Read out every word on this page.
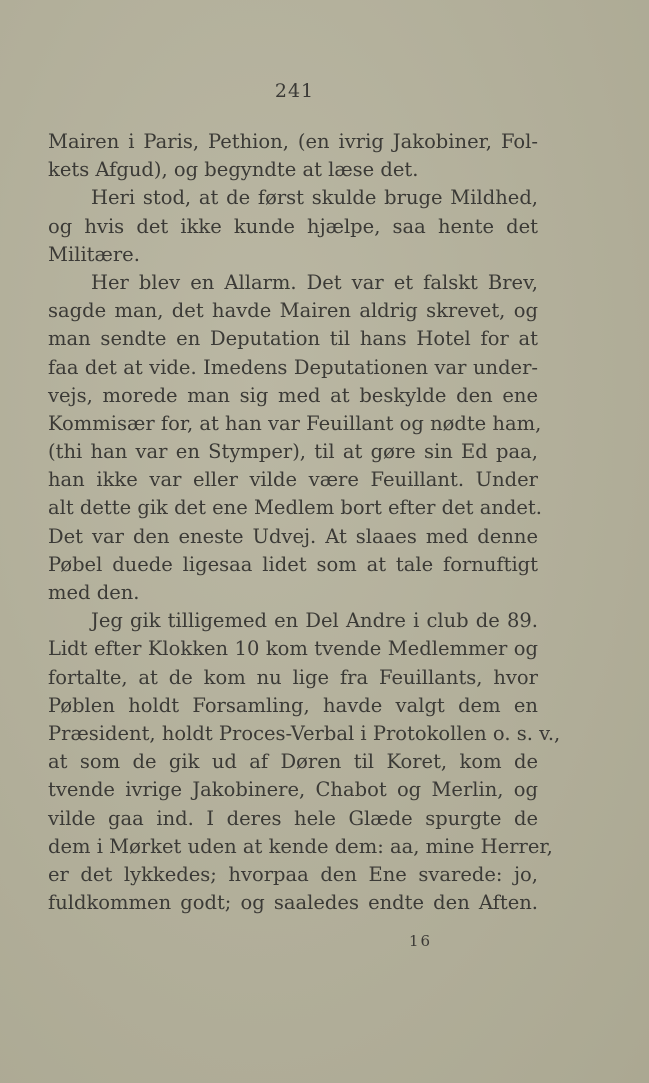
241
Mairen i Paris, Pethion, (en ivrig Jakobiner, Fol-
kets Afgud), og begyndte at læse det.
Heri stod, at de først skulde bruge Mildhed,
og hvis det ikke kunde hjælpe, saa hente det
Militære.
Her blev en Allarm. Det var et falskt Brev,
sagde man, det havde Mairen aldrig skrevet, og
man sendte en Deputation til hans Hotel for at
faa det at vide. Imedens Deputationen var under-
vejs, morede man sig med at beskylde den ene
Kommisær for, at han var Feuillant og nødte ham,
(thi han var en Stymper), til at gøre sin Ed paa,
han ikke var eller vilde være Feuillant. Under
alt dette gik det ene Medlem bort efter det andet.
Det var den eneste Udvej. At slaaes med denne
Pøbel duede ligesaa lidet som at tale fornuftigt
med den.
Jeg gik tilligemed en Del Andre i club de 89.
Lidt efter Klokken 10 kom tvende Medlemmer og
fortalte, at de kom nu lige fra Feuillants, hvor
Pøblen holdt Forsamling, havde valgt dem en
Præsident, holdt Proces-Verbal i Protokollen o. s. v.,
at som de gik ud af Døren til Koret, kom de
tvende ivrige Jakobinere, Chabot og Merlin, og
vilde gaa ind. I deres hele Glæde spurgte de
dem i Mørket uden at kende dem: aa, mine Herrer,
er det lykkedes; hvorpaa den Ene svarede: jo,
fuldkommen godt; og saaledes endte den Aften.
16
